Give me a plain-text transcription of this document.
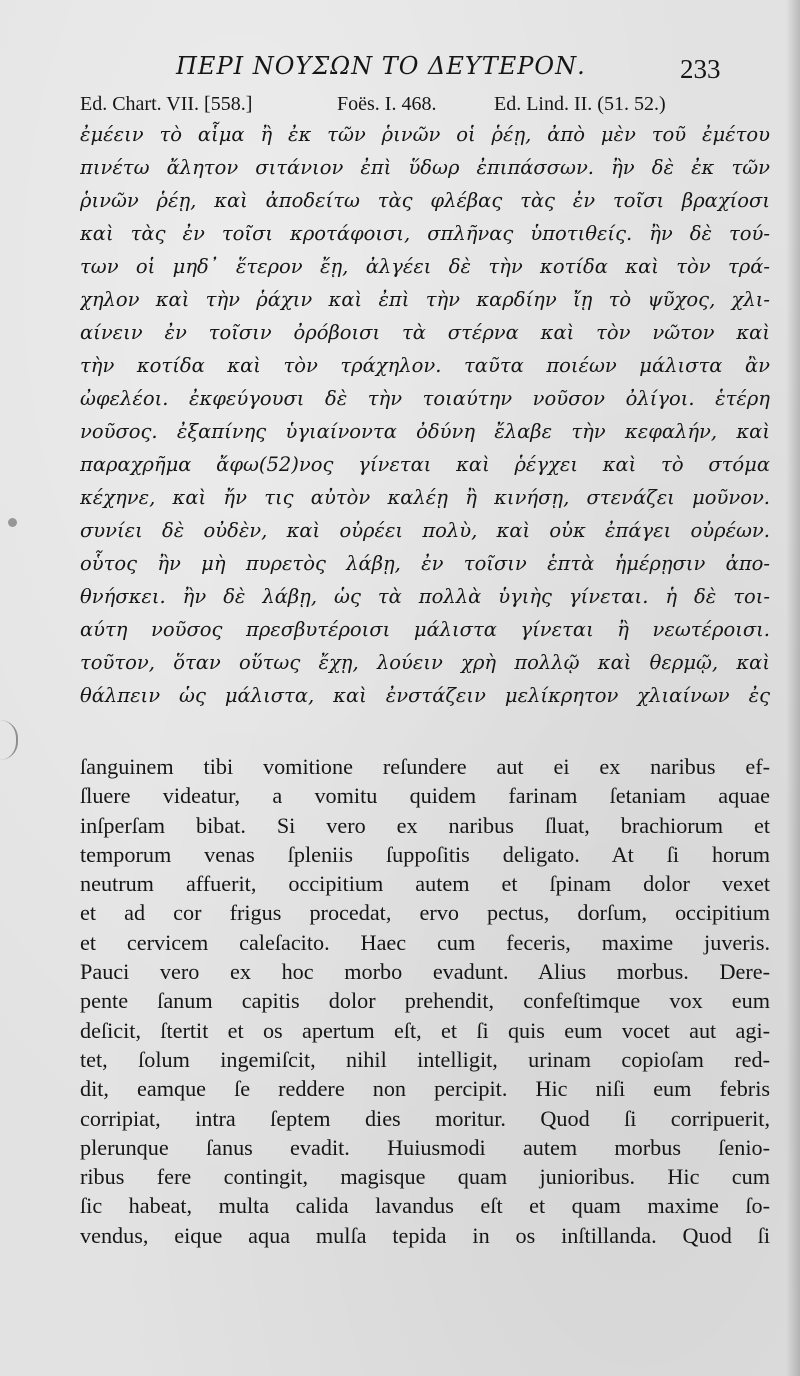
ΠΕΡΙ ΝΟΥΣΩΝ ΤΟ ΔΕΥΤΕΡΟΝ.	233
Ed. Chart. VII. [558.]	Foës. I. 468.	Ed. Lind. II. (51. 52.)
ἐμέειν τὸ αἷμα ἢ ἐκ τῶν ῥινῶν οἱ ῥέῃ, ἀπὸ μὲν τοῦ ἐμέτου
πινέτω ἄλητον σιτάνιον ἐπὶ ὕδωρ ἐπιπάσσων. ἢν δὲ ἐκ τῶν
ῥινῶν ῥέῃ, καὶ ἀποδείτω τὰς φλέβας τὰς ἐν τοῖσι βραχίοσι
καὶ τὰς ἐν τοῖσι κροτάφοισι, σπλῆνας ὑποτιθείς. ἢν δὲ τού-
των οἱ μηδ᾽ ἕτερον ἔῃ, ἀλγέει δὲ τὴν κοτίδα καὶ τὸν τρά-
χηλον καὶ τὴν ῥάχιν καὶ ἐπὶ τὴν καρδίην ἴῃ τὸ ψῦχος, χλι-
αίνειν ἐν τοῖσιν ὀρόβοισι τὰ στέρνα καὶ τὸν νῶτον καὶ
τὴν κοτίδα καὶ τὸν τράχηλον. ταῦτα ποιέων μάλιστα ἂν
ὠφελέοι. ἐκφεύγουσι δὲ τὴν τοιαύτην νοῦσον ὀλίγοι. ἑτέρη
νοῦσος. ἐξαπίνης ὑγιαίνοντα ὀδύνη ἔλαβε τὴν κεφαλήν, καὶ
παραχρῆμα ἄφω(52)νος γίνεται καὶ ῥέγχει καὶ τὸ στόμα
κέχηνε, καὶ ἤν τις αὐτὸν καλέῃ ἢ κινήσῃ, στενάζει μοῦνον.
συνίει δὲ οὐδὲν, καὶ οὐρέει πολὺ, καὶ οὐκ ἐπάγει οὐρέων.
οὗτος ἢν μὴ πυρετὸς λάβῃ, ἐν τοῖσιν ἑπτὰ ἡμέρῃσιν ἀπο-
θνήσκει. ἢν δὲ λάβῃ, ὡς τὰ πολλὰ ὑγιὴς γίνεται. ἡ δὲ τοι-
αύτη νοῦσος πρεσβυτέροισι μάλιστα γίνεται ἢ νεωτέροισι.
τοῦτον, ὅταν οὕτως ἔχῃ, λούειν χρὴ πολλῷ καὶ θερμῷ, καὶ
θάλπειν ὡς μάλιστα, καὶ ἐνστάζειν μελίκρητον χλιαίνων ἐς
ſanguinem tibi vomitione reſundere aut ei ex naribus ef-
ſluere videatur, a vomitu quidem farinam ſetaniam aquae
inſperſam bibat. Si vero ex naribus ſluat, brachiorum et
temporum venas ſpleniis ſuppoſitis deligato. At ſi horum
neutrum affuerit, occipitium autem et ſpinam dolor vexet
et ad cor frigus procedat, ervo pectus, dorſum, occipitium
et cervicem caleſacito. Haec cum feceris, maxime juveris.
Pauci vero ex hoc morbo evadunt. Alius morbus. Dere-
pente ſanum capitis dolor prehendit, confeſtimque vox eum
deſicit, ſtertit et os apertum eſt, et ſi quis eum vocet aut agi-
tet, ſolum ingemiſcit, nihil intelligit, urinam copioſam red-
dit, eamque ſe reddere non percipit. Hic niſi eum febris
corripiat, intra ſeptem dies moritur. Quod ſi corripuerit,
plerunque ſanus evadit. Huiusmodi autem morbus ſenio-
ribus fere contingit, magisque quam junioribus. Hic cum
ſic habeat, multa calida lavandus eſt et quam maxime ſo-
vendus, eique aqua mulſa tepida in os inſtillanda. Quod ſi
